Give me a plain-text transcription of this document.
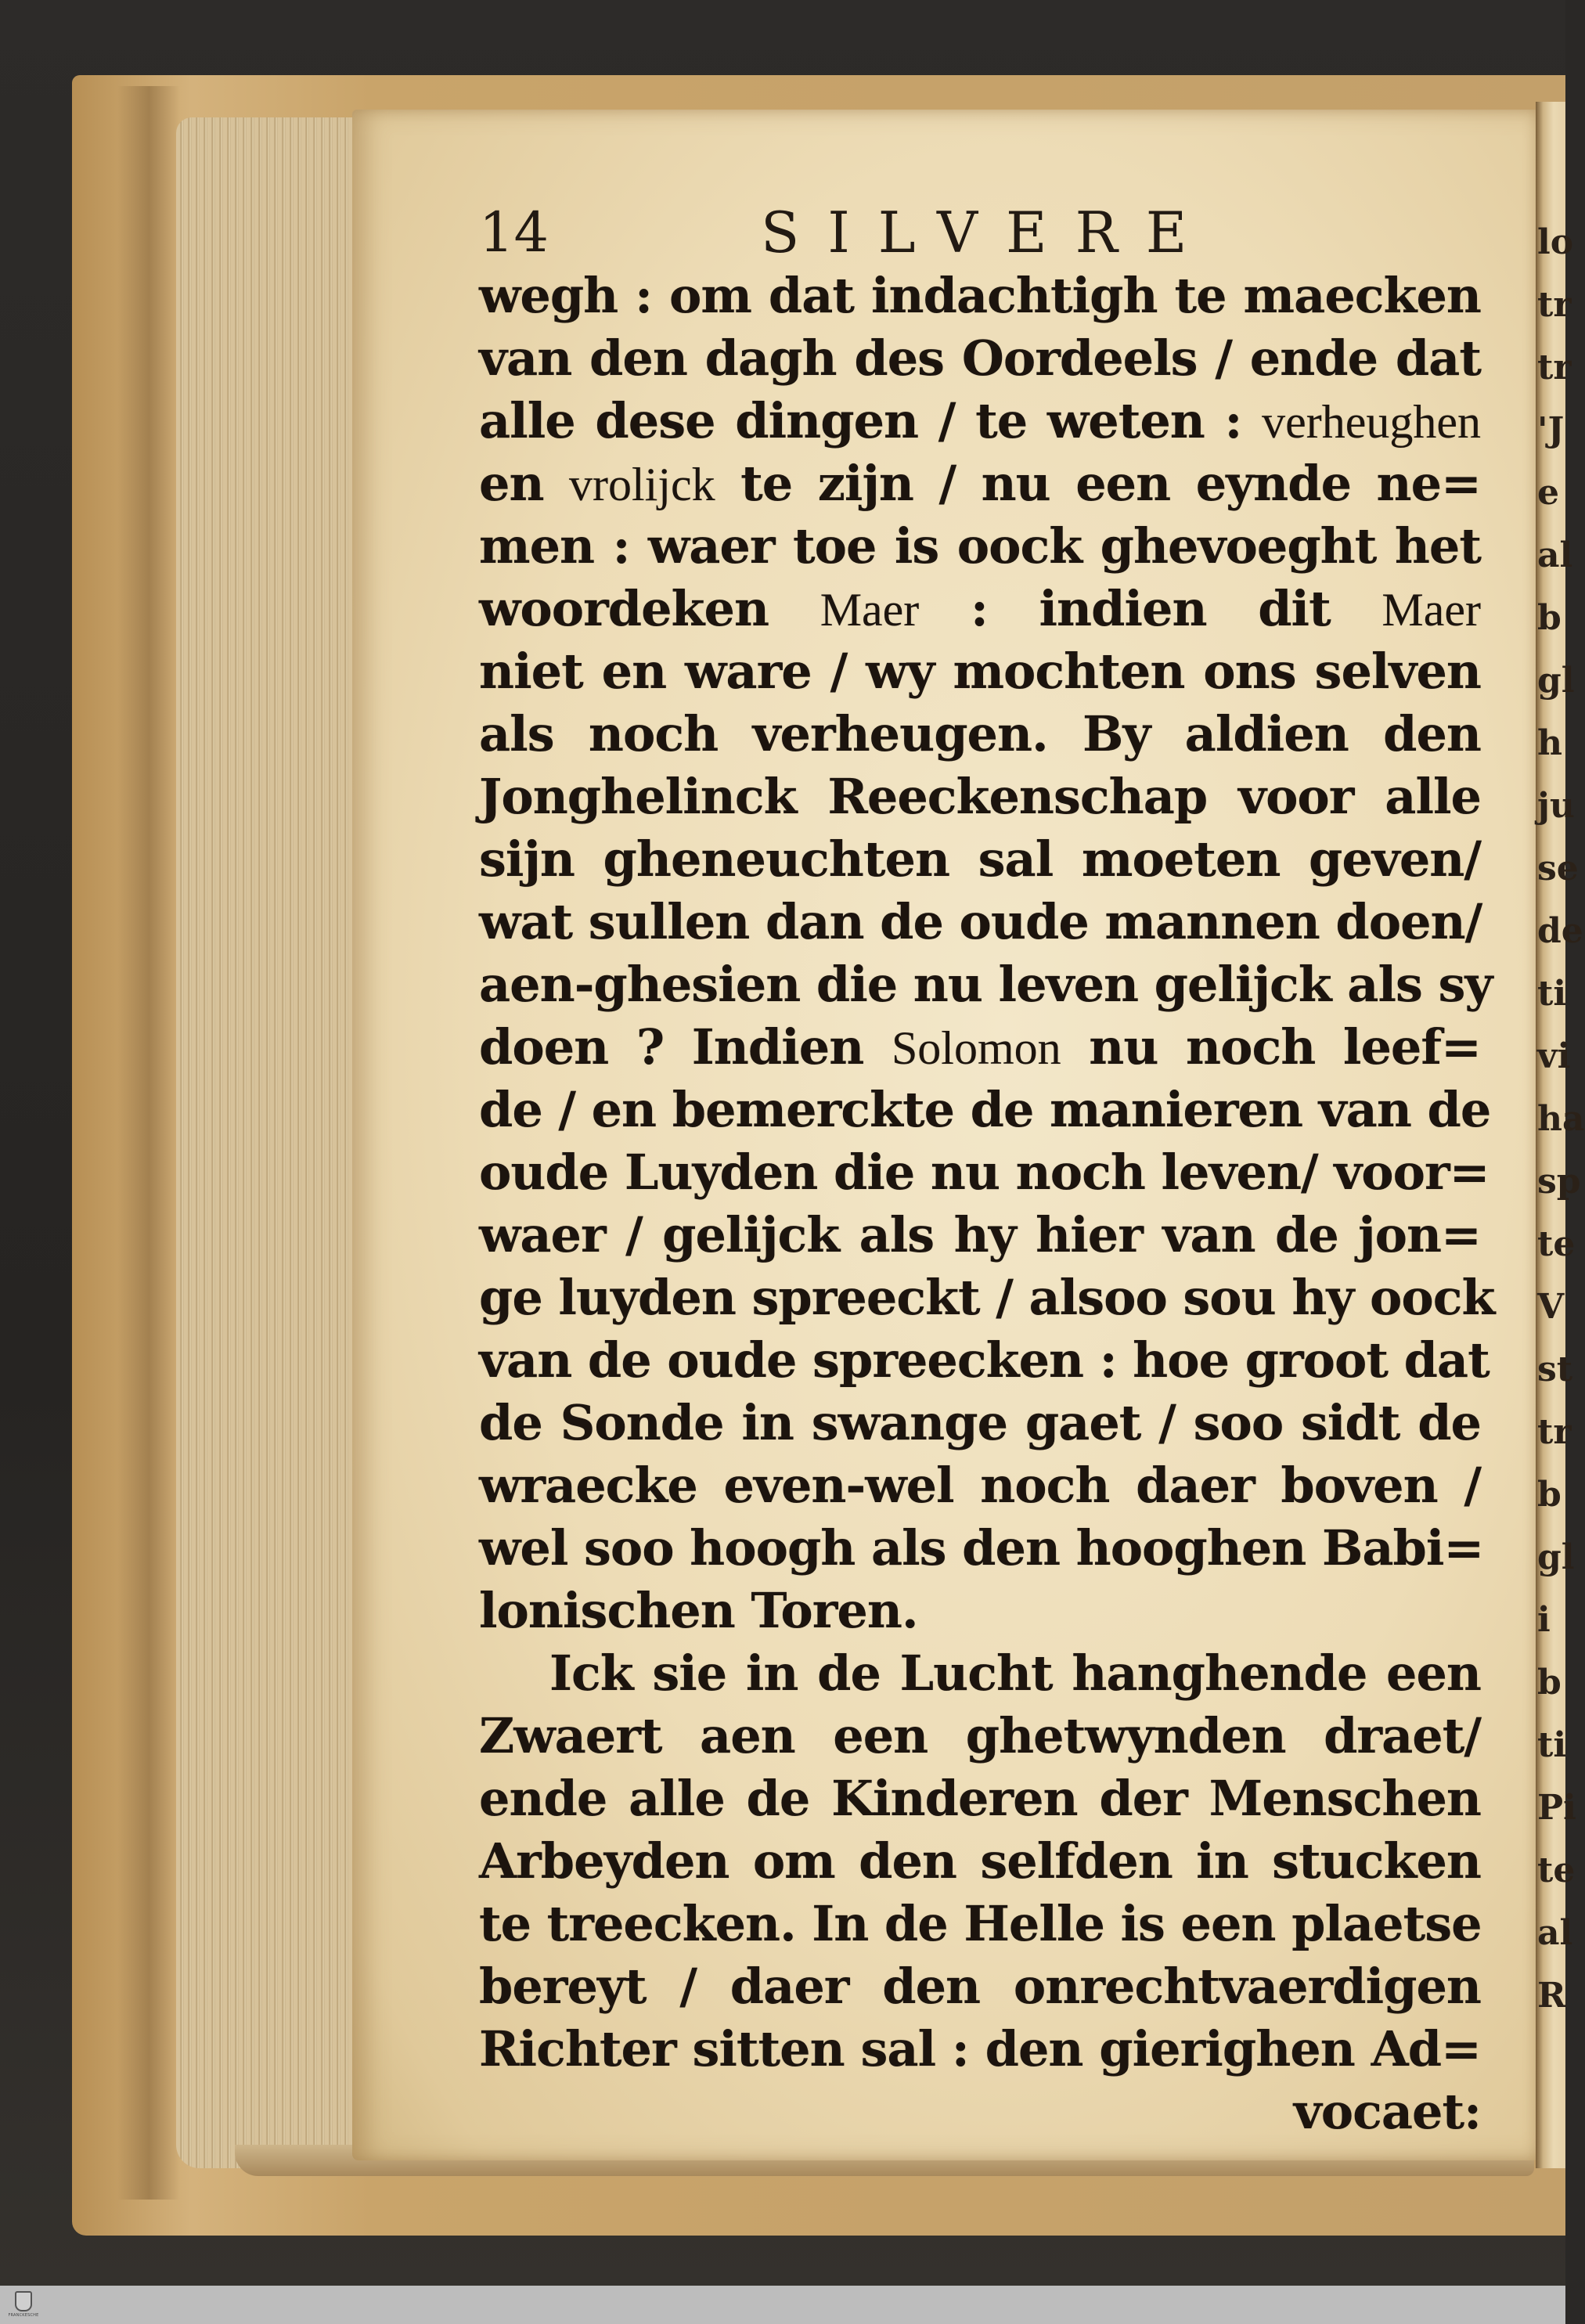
lo
tr
tr
'J
e
al
b
gl
h
ju
se
de
ti
vi
ha
sp
te
V
st
tr
b
gl
i
b
ti
Pi
te
al
R
14	SILVERE
wegh : om dat indachtigh te maecken
van den dagh des Oordeels / ende dat
alle dese dingen / te weten : verheughen
en vrolijck te zijn / nu een eynde ne=
men : waer toe is oock ghevoeght het
woordeken Maer : indien dit Maer
niet en ware / wy mochten ons selven
als noch verheugen. By aldien den
Jonghelinck Reeckenschap voor alle
sijn gheneuchten sal moeten geven/
wat sullen dan de oude mannen doen/
aen-ghesien die nu leven gelijck als sy
doen ? Indien Solomon nu noch leef=
de / en bemerckte de manieren van de
oude Luyden die nu noch leven/ voor=
waer / gelijck als hy hier van de jon=
ge luyden spreeckt / alsoo sou hy oock
van de oude spreecken : hoe groot dat
de Sonde in swange gaet / soo sidt de
wraecke even-wel noch daer boven /
wel soo hoogh als den hooghen Babi=
lonischen Toren.
Ick sie in de Lucht hanghende een
Zwaert aen een ghetwynden draet/
ende alle de Kinderen der Menschen
Arbeyden om den selfden in stucken
te treecken. In de Helle is een plaetse
bereyt / daer den onrechtvaerdigen
Richter sitten sal : den gierighen Ad=
vocaet:
FRANCKESCHE
